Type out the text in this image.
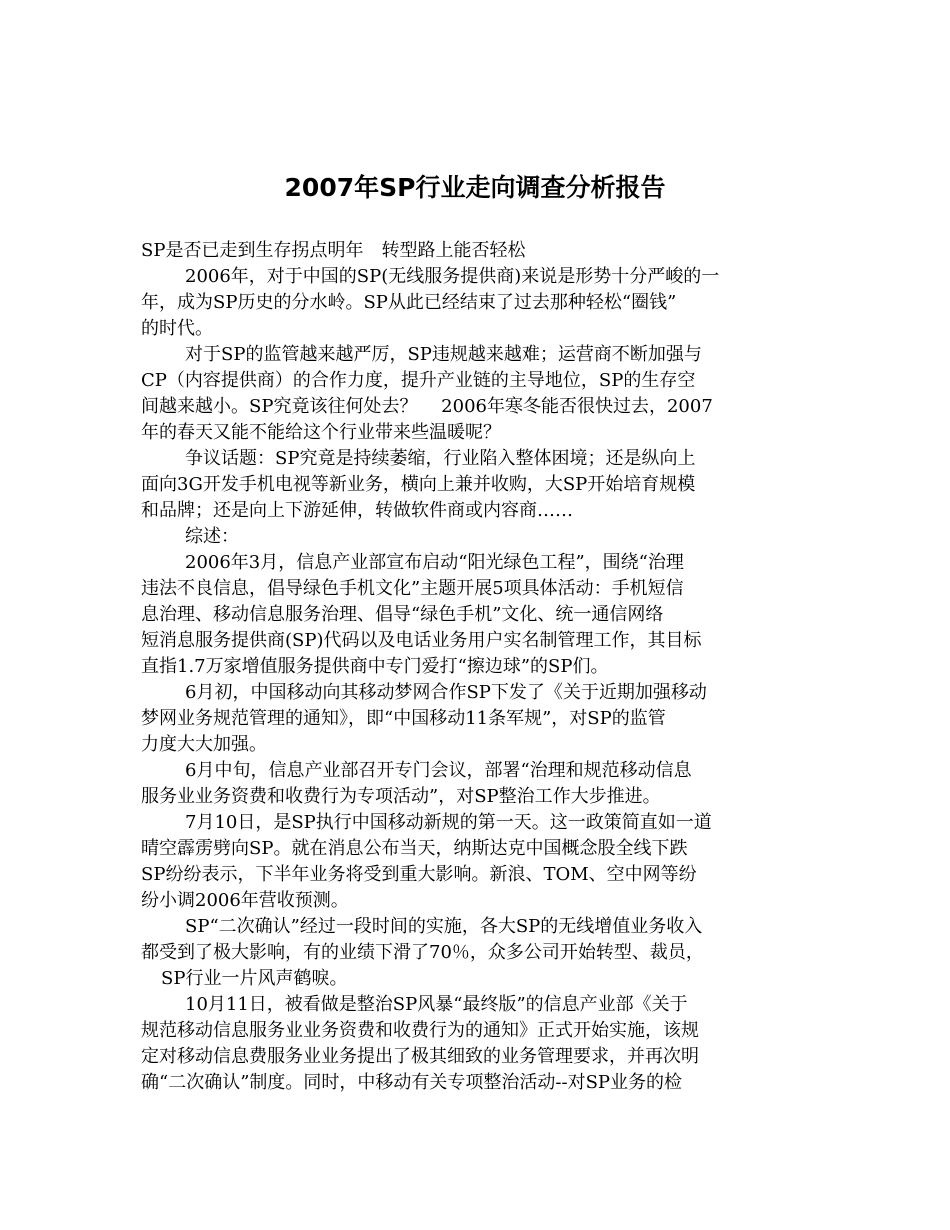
2007年SP行业走向调查分析报告
SP是否已走到生存拐点明年　转型路上能否轻松
2006年，对于中国的SP(无线服务提供商)来说是形势十分严峻的一
年，成为SP历史的分水岭。SP从此已经结束了过去那种轻松“圈钱”
的时代。
对于SP的监管越来越严厉，SP违规越来越难；运营商不断加强与
CP（内容提供商）的合作力度，提升产业链的主导地位，SP的生存空
间越来越小。SP究竟该往何处去？　 2006年寒冬能否很快过去，2007
年的春天又能不能给这个行业带来些温暖呢？
争议话题：SP究竟是持续萎缩，行业陷入整体困境；还是纵向上
面向3G开发手机电视等新业务，横向上兼并收购，大SP开始培育规模
和品牌；还是向上下游延伸，转做软件商或内容商……
综述：
2006年3月，信息产业部宣布启动“阳光绿色工程”，围绕“治理
违法不良信息，倡导绿色手机文化”主题开展5项具体活动：手机短信
息治理、移动信息服务治理、倡导“绿色手机”文化、统一通信网络
短消息服务提供商(SP)代码以及电话业务用户实名制管理工作，其目标
直指1.7万家增值服务提供商中专门爱打“擦边球”的SP们。
6月初，中国移动向其移动梦网合作SP下发了《关于近期加强移动
梦网业务规范管理的通知》，即“中国移动11条军规”，对SP的监管
力度大大加强。
6月中旬，信息产业部召开专门会议，部署“治理和规范移动信息
服务业业务资费和收费行为专项活动”，对SP整治工作大步推进。
7月10日，是SP执行中国移动新规的第一天。这一政策简直如一道
晴空霹雳劈向SP。就在消息公布当天，纳斯达克中国概念股全线下跌
SP纷纷表示，下半年业务将受到重大影响。新浪、TOM、空中网等纷
纷小调2006年营收预测。
SP“二次确认”经过一段时间的实施，各大SP的无线增值业务收入
都受到了极大影响，有的业绩下滑了70％，众多公司开始转型、裁员，
SP行业一片风声鹤唳。
10月11日，被看做是整治SP风暴“最终版”的信息产业部《关于
规范移动信息服务业业务资费和收费行为的通知》正式开始实施，该规
定对移动信息费服务业业务提出了极其细致的业务管理要求，并再次明
确“二次确认”制度。同时，中移动有关专项整治活动--对SP业务的检
